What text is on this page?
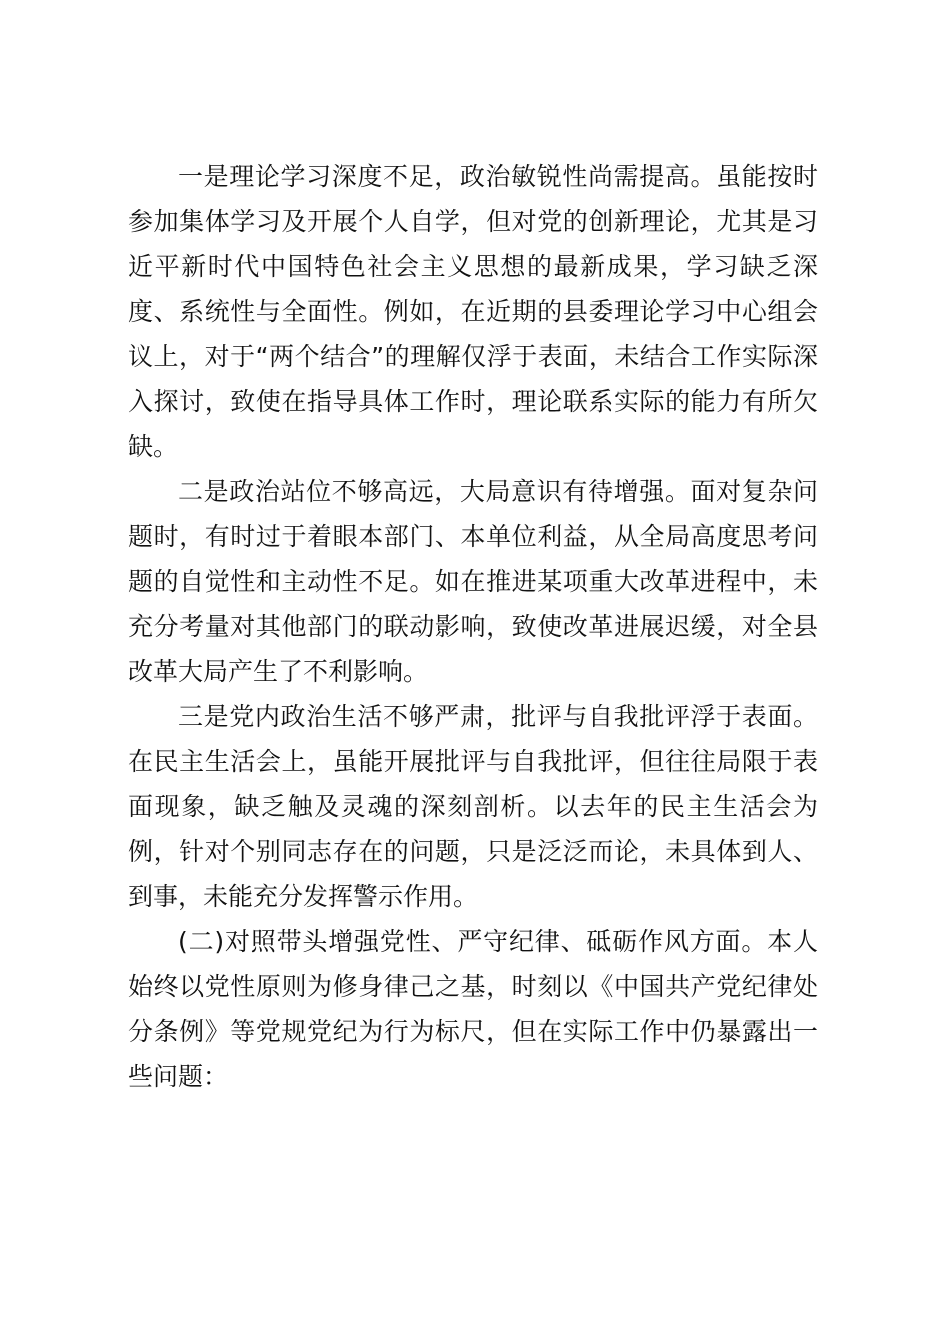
一是理论学习深度不足，政治敏锐性尚需提高。虽能按时参加集体学习及开展个人自学，但对党的创新理论，尤其是习近平新时代中国特色社会主义思想的最新成果，学习缺乏深度、系统性与全面性。例如，在近期的县委理论学习中心组会议上，对于“两个结合”的理解仅浮于表面，未结合工作实际深入探讨，致使在指导具体工作时，理论联系实际的能力有所欠缺。

二是政治站位不够高远，大局意识有待增强。面对复杂问题时，有时过于着眼本部门、本单位利益，从全局高度思考问题的自觉性和主动性不足。如在推进某项重大改革进程中，未充分考量对其他部门的联动影响，致使改革进展迟缓，对全县改革大局产生了不利影响。

三是党内政治生活不够严肃，批评与自我批评浮于表面。在民主生活会上，虽能开展批评与自我批评，但往往局限于表面现象，缺乏触及灵魂的深刻剖析。以去年的民主生活会为例，针对个别同志存在的问题，只是泛泛而论，未具体到人、到事，未能充分发挥警示作用。

(二)对照带头增强党性、严守纪律、砥砺作风方面。本人始终以党性原则为修身律己之基，时刻以《中国共产党纪律处分条例》等党规党纪为行为标尺，但在实际工作中仍暴露出一些问题：
